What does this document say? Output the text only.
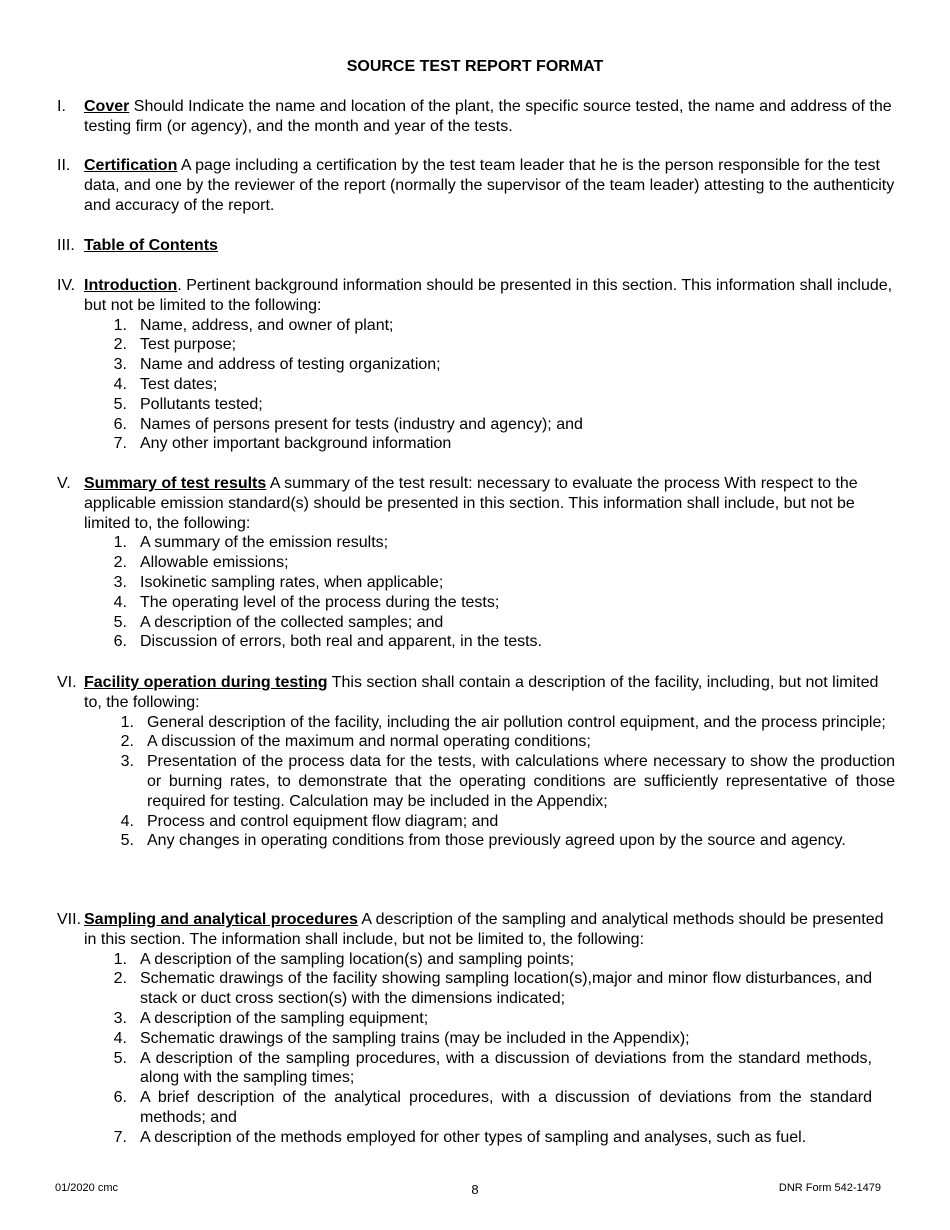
SOURCE TEST REPORT FORMAT
I. Cover Should Indicate the name and location of the plant, the specific source tested, the name and address of the testing firm (or agency), and the month and year of the tests.
II. Certification A page including a certification by the test team leader that he is the person responsible for the test data, and one by the reviewer of the report (normally the supervisor of the team leader) attesting to the authenticity and accuracy of the report.
III. Table of Contents
IV. Introduction. Pertinent background information should be presented in this section. This information shall include, but not be limited to the following:
1. Name, address, and owner of plant;
2. Test purpose;
3. Name and address of testing organization;
4. Test dates;
5. Pollutants tested;
6. Names of persons present for tests (industry and agency); and
7. Any other important background information
V. Summary of test results A summary of the test result: necessary to evaluate the process With respect to the applicable emission standard(s) should be presented in this section. This information shall include, but not be limited to, the following:
1. A summary of the emission results;
2. Allowable emissions;
3. Isokinetic sampling rates, when applicable;
4. The operating level of the process during the tests;
5. A description of the collected samples; and
6. Discussion of errors, both real and apparent, in the tests.
VI. Facility operation during testing This section shall contain a description of the facility, including, but not limited to, the following:
1. General description of the facility, including the air pollution control equipment, and the process principle;
2. A discussion of the maximum and normal operating conditions;
3. Presentation of the process data for the tests, with calculations where necessary to show the production or burning rates, to demonstrate that the operating conditions are sufficiently representative of those required for testing. Calculation may be included in the Appendix;
4. Process and control equipment flow diagram; and
5. Any changes in operating conditions from those previously agreed upon by the source and agency.
VII. Sampling and analytical procedures A description of the sampling and analytical methods should be presented in this section. The information shall include, but not be limited to, the following:
1. A description of the sampling location(s) and sampling points;
2. Schematic drawings of the facility showing sampling location(s),major and minor flow disturbances, and stack or duct cross section(s) with the dimensions indicated;
3. A description of the sampling equipment;
4. Schematic drawings of the sampling trains (may be included in the Appendix);
5. A description of the sampling procedures, with a discussion of deviations from the standard methods, along with the sampling times;
6. A brief description of the analytical procedures, with a discussion of deviations from the standard methods; and
7. A description of the methods employed for other types of sampling and analyses, such as fuel.
01/2020 cmc	8	DNR Form 542-1479
